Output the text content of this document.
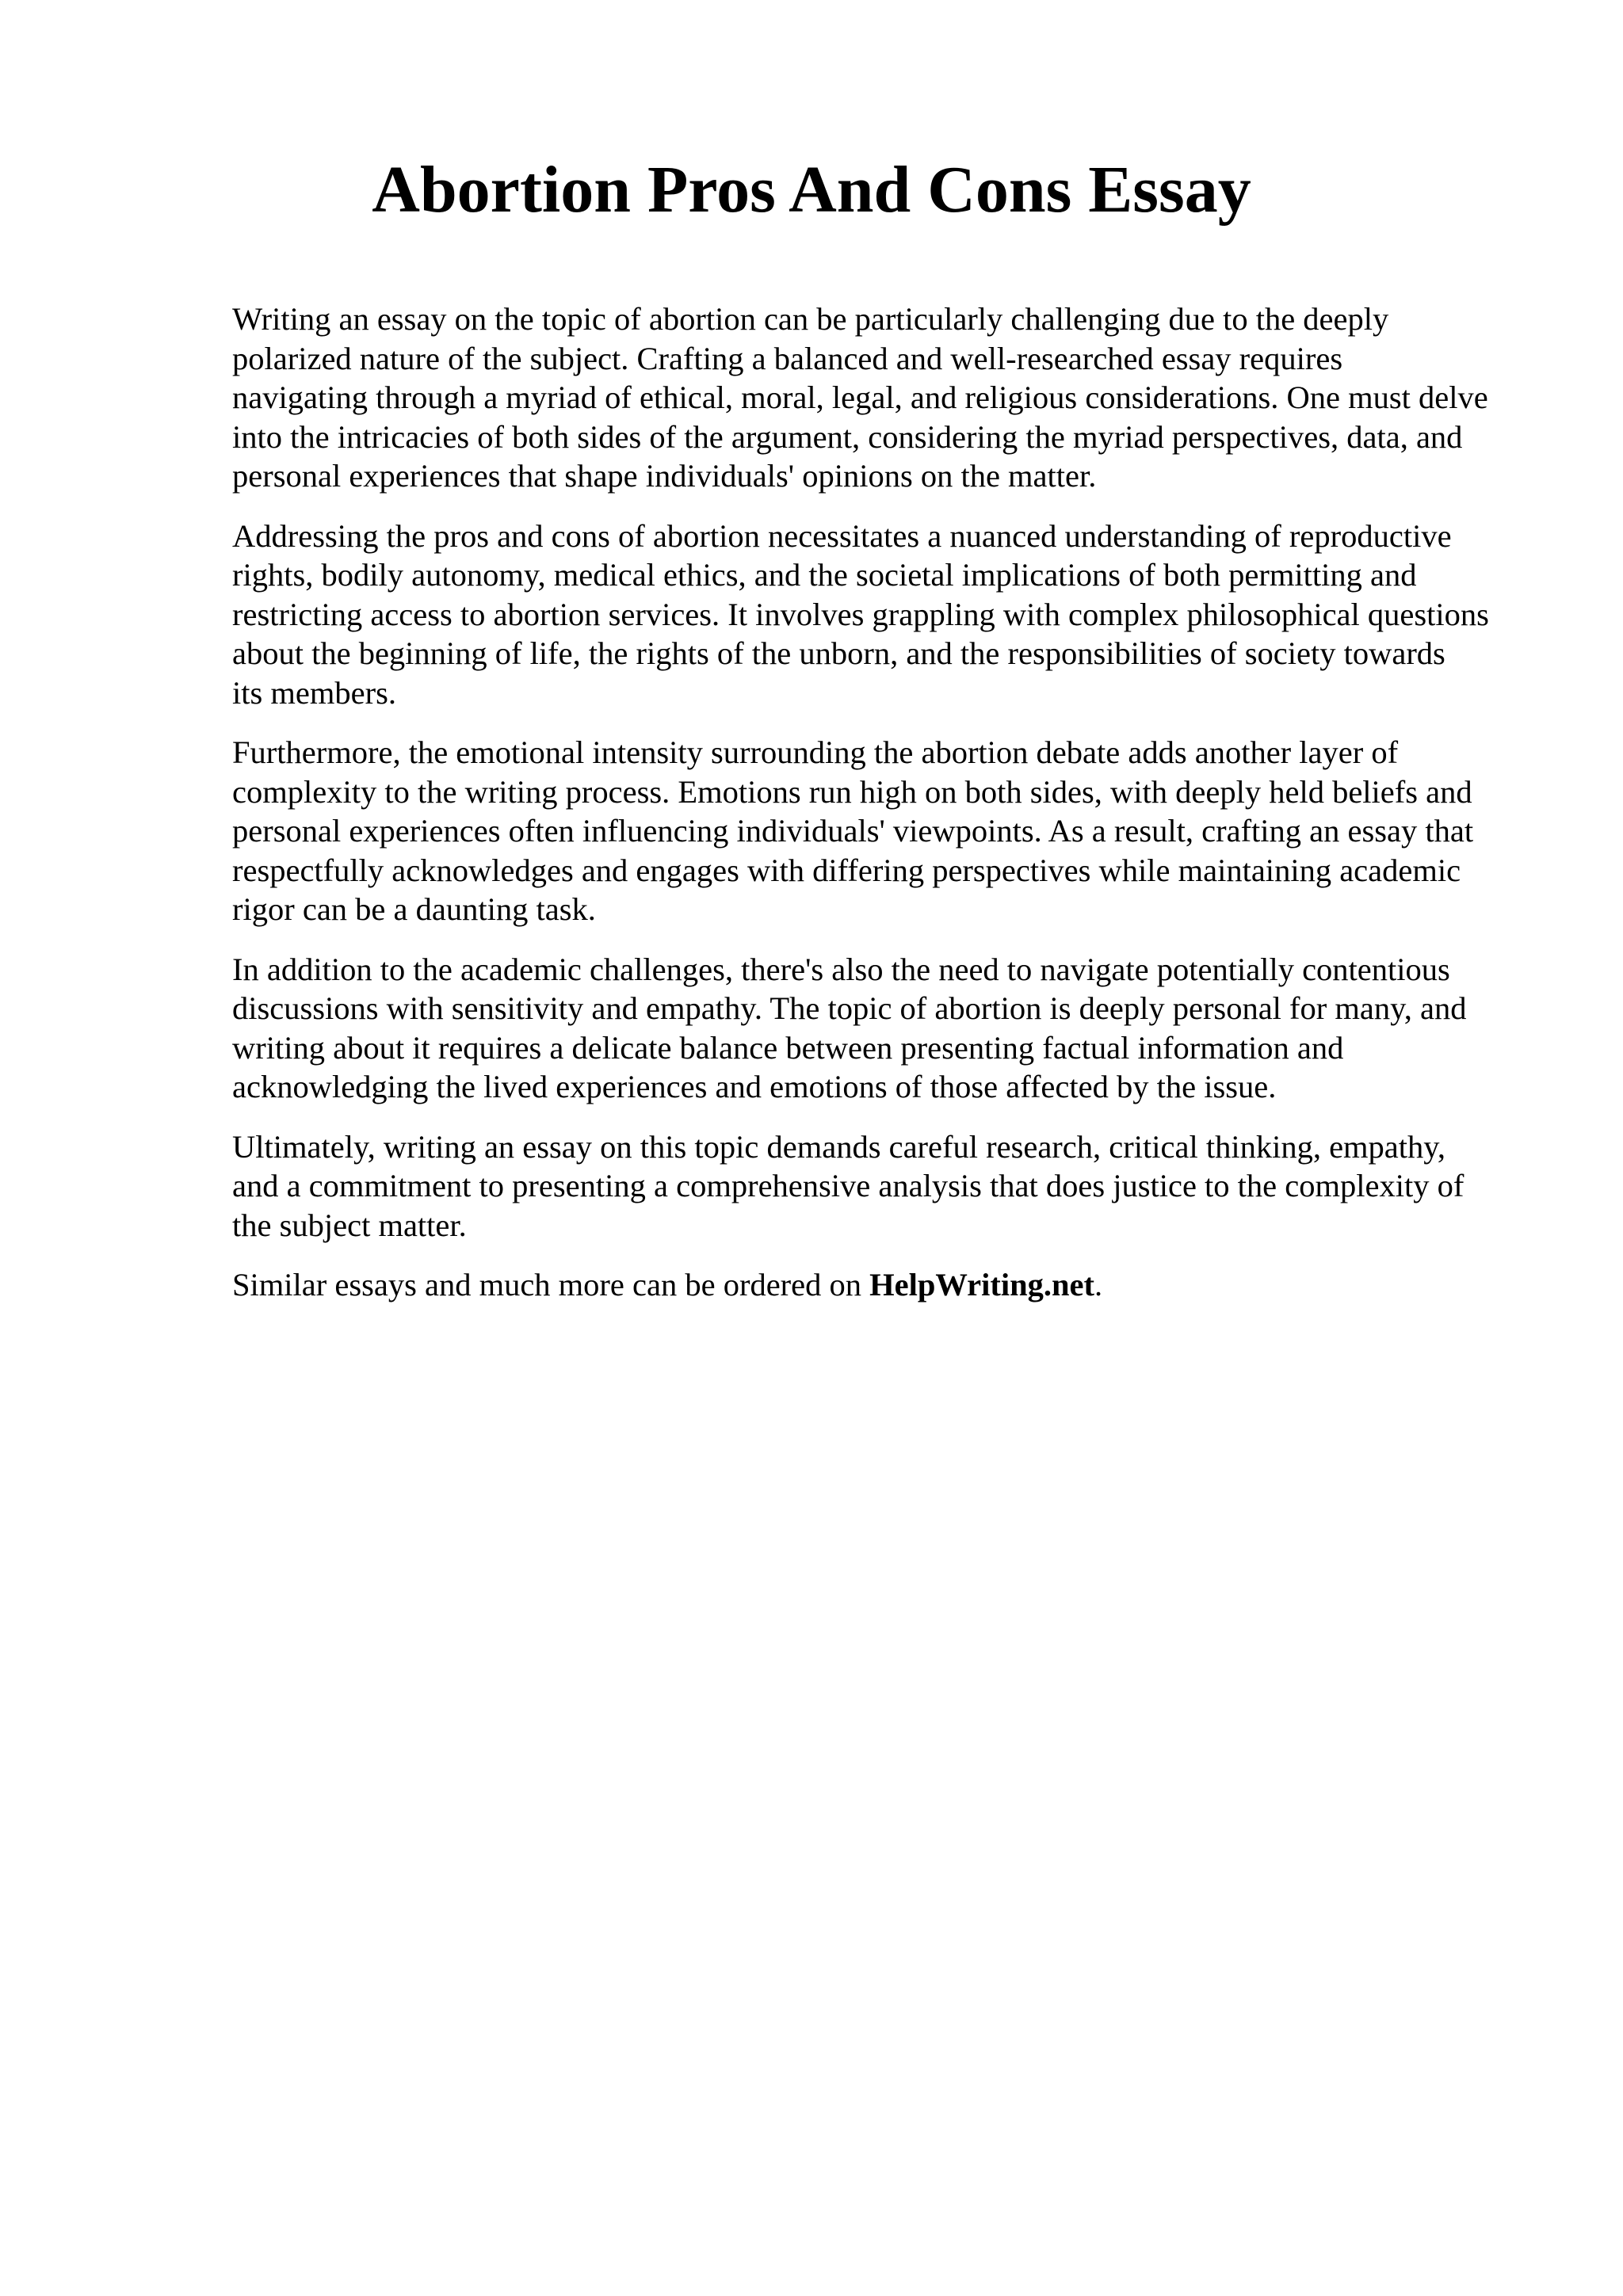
Abortion Pros And Cons Essay

Writing an essay on the topic of abortion can be particularly challenging due to the deeply
polarized nature of the subject. Crafting a balanced and well-researched essay requires
navigating through a myriad of ethical, moral, legal, and religious considerations. One must delve
into the intricacies of both sides of the argument, considering the myriad perspectives, data, and
personal experiences that shape individuals' opinions on the matter.

Addressing the pros and cons of abortion necessitates a nuanced understanding of reproductive
rights, bodily autonomy, medical ethics, and the societal implications of both permitting and
restricting access to abortion services. It involves grappling with complex philosophical questions
about the beginning of life, the rights of the unborn, and the responsibilities of society towards
its members.

Furthermore, the emotional intensity surrounding the abortion debate adds another layer of
complexity to the writing process. Emotions run high on both sides, with deeply held beliefs and
personal experiences often influencing individuals' viewpoints. As a result, crafting an essay that
respectfully acknowledges and engages with differing perspectives while maintaining academic
rigor can be a daunting task.

In addition to the academic challenges, there's also the need to navigate potentially contentious
discussions with sensitivity and empathy. The topic of abortion is deeply personal for many, and
writing about it requires a delicate balance between presenting factual information and
acknowledging the lived experiences and emotions of those affected by the issue.

Ultimately, writing an essay on this topic demands careful research, critical thinking, empathy,
and a commitment to presenting a comprehensive analysis that does justice to the complexity of
the subject matter.

Similar essays and much more can be ordered on HelpWriting.net.
